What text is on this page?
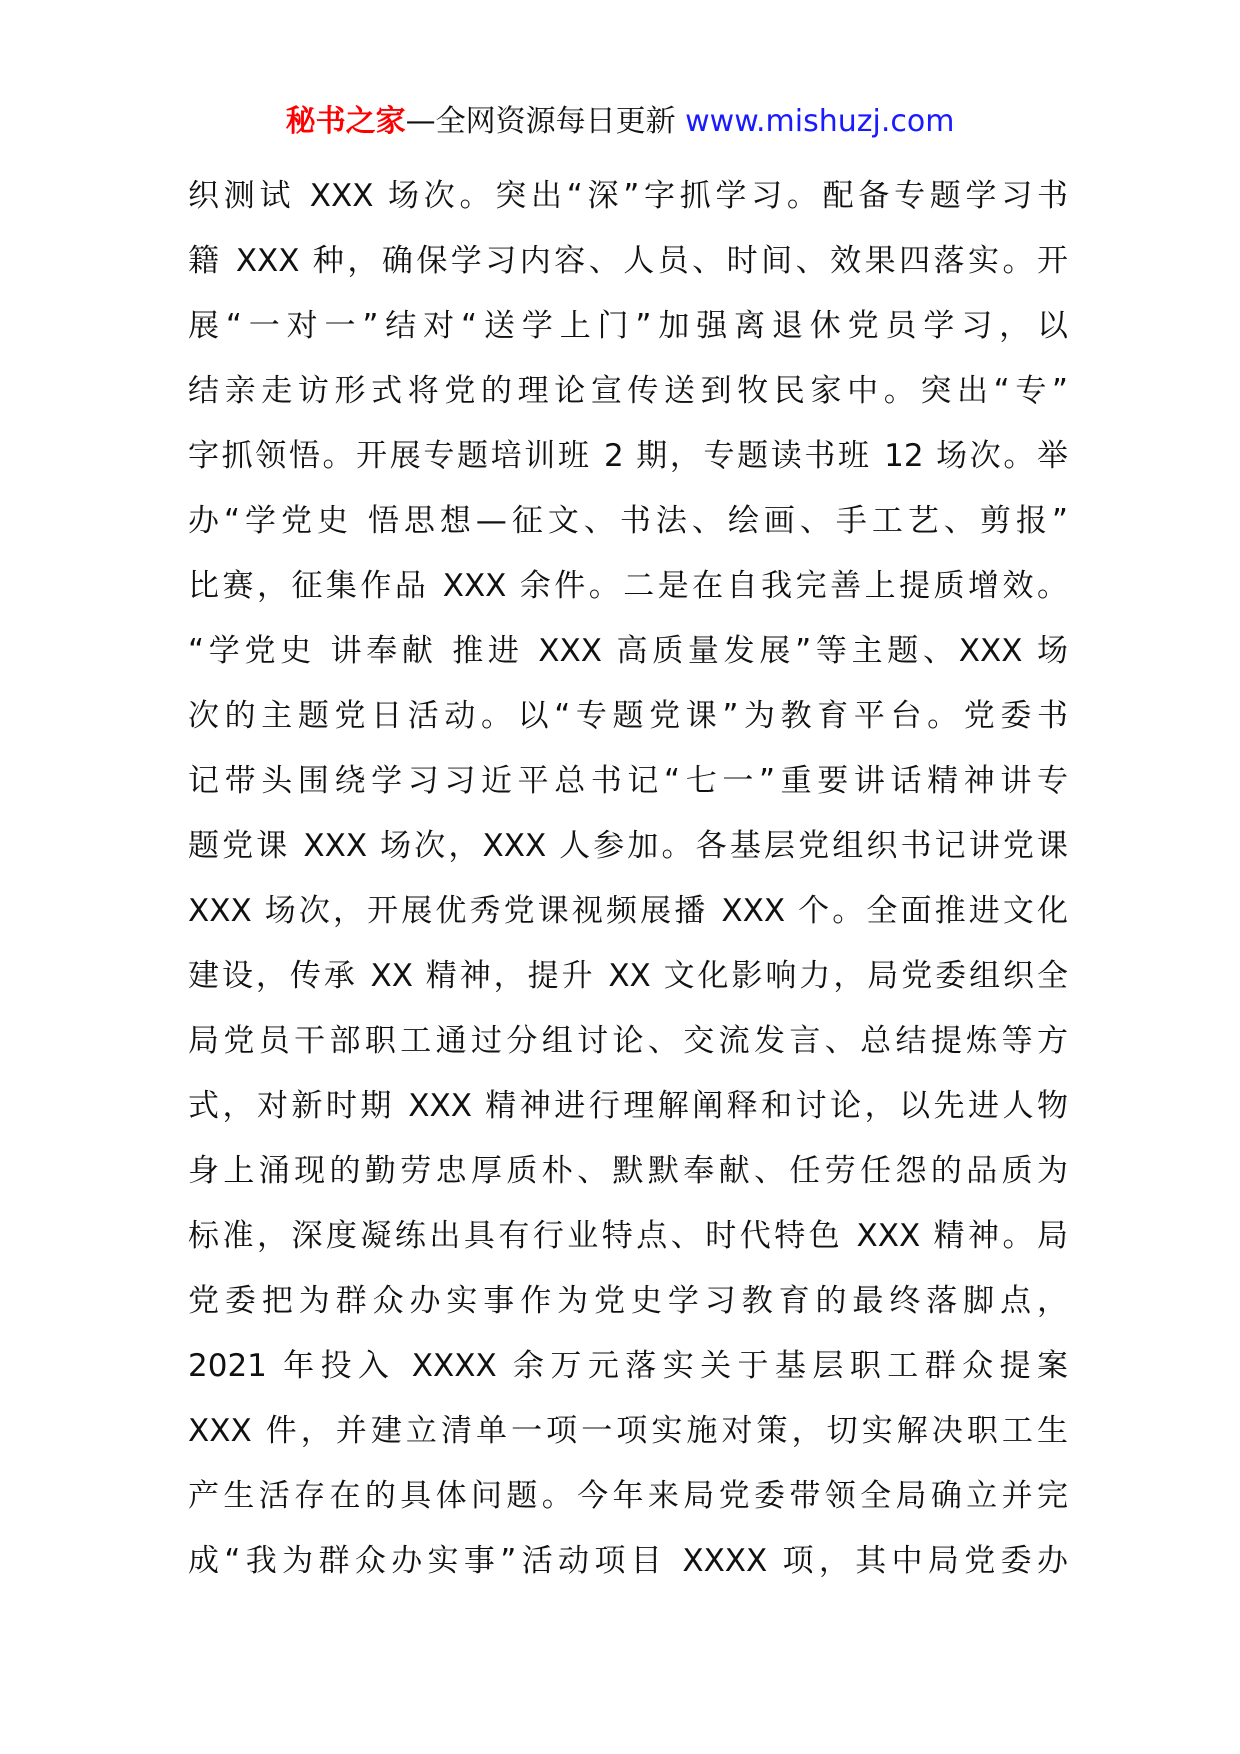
秘书之家—全网资源每日更新 www.mishuzj.com
织测试 XXX 场次。突出“深”字抓学习。配备专题学习书
籍 XXX 种，确保学习内容、人员、时间、效果四落实。开
展“一对一”结对“送学上门”加强离退休党员学习，以
结亲走访形式将党的理论宣传送到牧民家中。突出“专”
字抓领悟。开展专题培训班 2 期，专题读书班 12 场次。举
办“学党史 悟思想—征文、书法、绘画、手工艺、剪报”
比赛，征集作品 XXX 余件。二是在自我完善上提质增效。
“学党史 讲奉献 推进 XXX 高质量发展”等主题、XXX 场
次的主题党日活动。以“专题党课”为教育平台。党委书
记带头围绕学习习近平总书记“七一”重要讲话精神讲专
题党课 XXX 场次，XXX 人参加。各基层党组织书记讲党课
XXX 场次，开展优秀党课视频展播 XXX 个。全面推进文化
建设，传承 XX 精神，提升 XX 文化影响力，局党委组织全
局党员干部职工通过分组讨论、交流发言、总结提炼等方
式，对新时期 XXX 精神进行理解阐释和讨论，以先进人物
身上涌现的勤劳忠厚质朴、默默奉献、任劳任怨的品质为
标准，深度凝练出具有行业特点、时代特色 XXX 精神。局
党委把为群众办实事作为党史学习教育的最终落脚点，
2021 年投入 XXXX 余万元落实关于基层职工群众提案
XXX 件，并建立清单一项一项实施对策，切实解决职工生
产生活存在的具体问题。今年来局党委带领全局确立并完
成“我为群众办实事”活动项目 XXXX 项，其中局党委办
